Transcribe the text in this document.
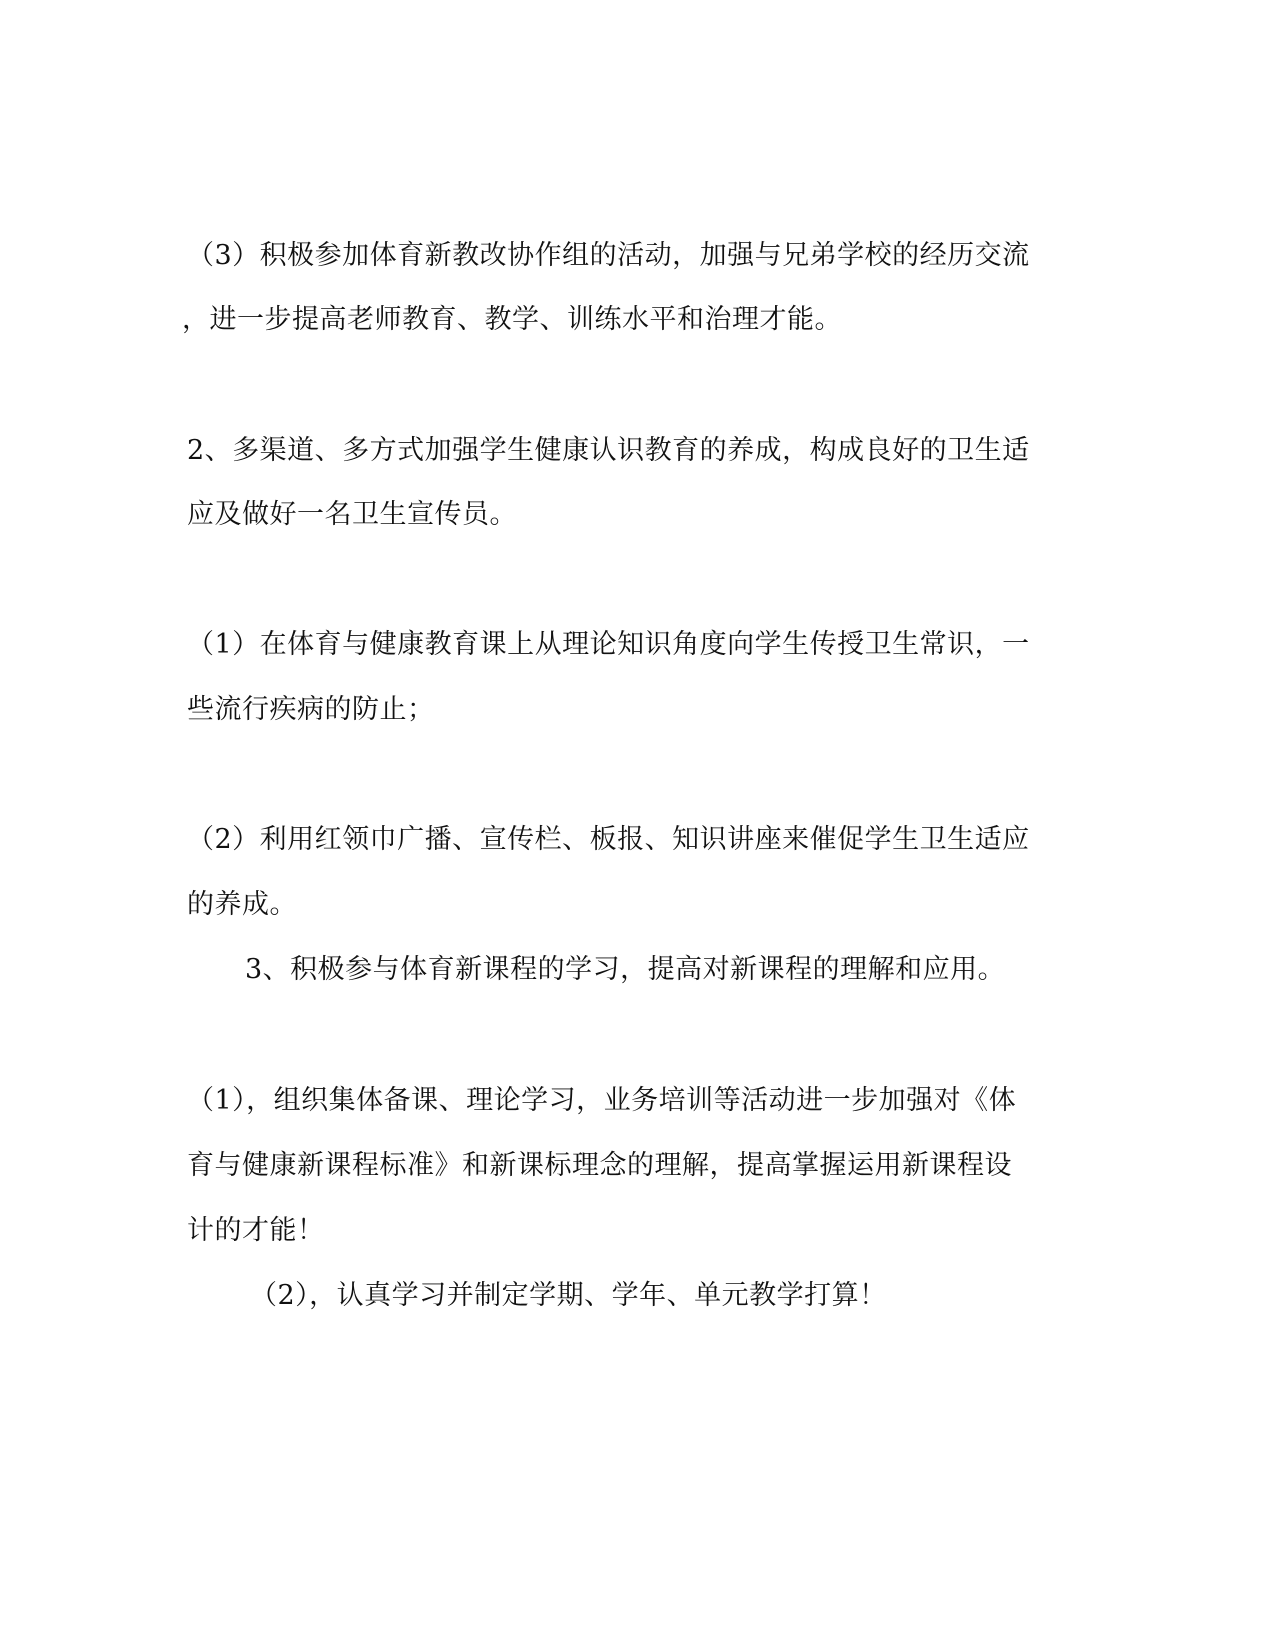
（3）积极参加体育新教改协作组的活动，加强与兄弟学校的经历交流
，进一步提高老师教育、教学、训练水平和治理才能。
2、多渠道、多方式加强学生健康认识教育的养成，构成良好的卫生适
应及做好一名卫生宣传员。
（1）在体育与健康教育课上从理论知识角度向学生传授卫生常识，一
些流行疾病的防止；
（2）利用红领巾广播、宣传栏、板报、知识讲座来催促学生卫生适应
的养成。
3、积极参与体育新课程的学习，提高对新课程的理解和应用。
（1），组织集体备课、理论学习，业务培训等活动进一步加强对《体
育与健康新课程标准》和新课标理念的理解，提高掌握运用新课程设
计的才能！
（2），认真学习并制定学期、学年、单元教学打算！
